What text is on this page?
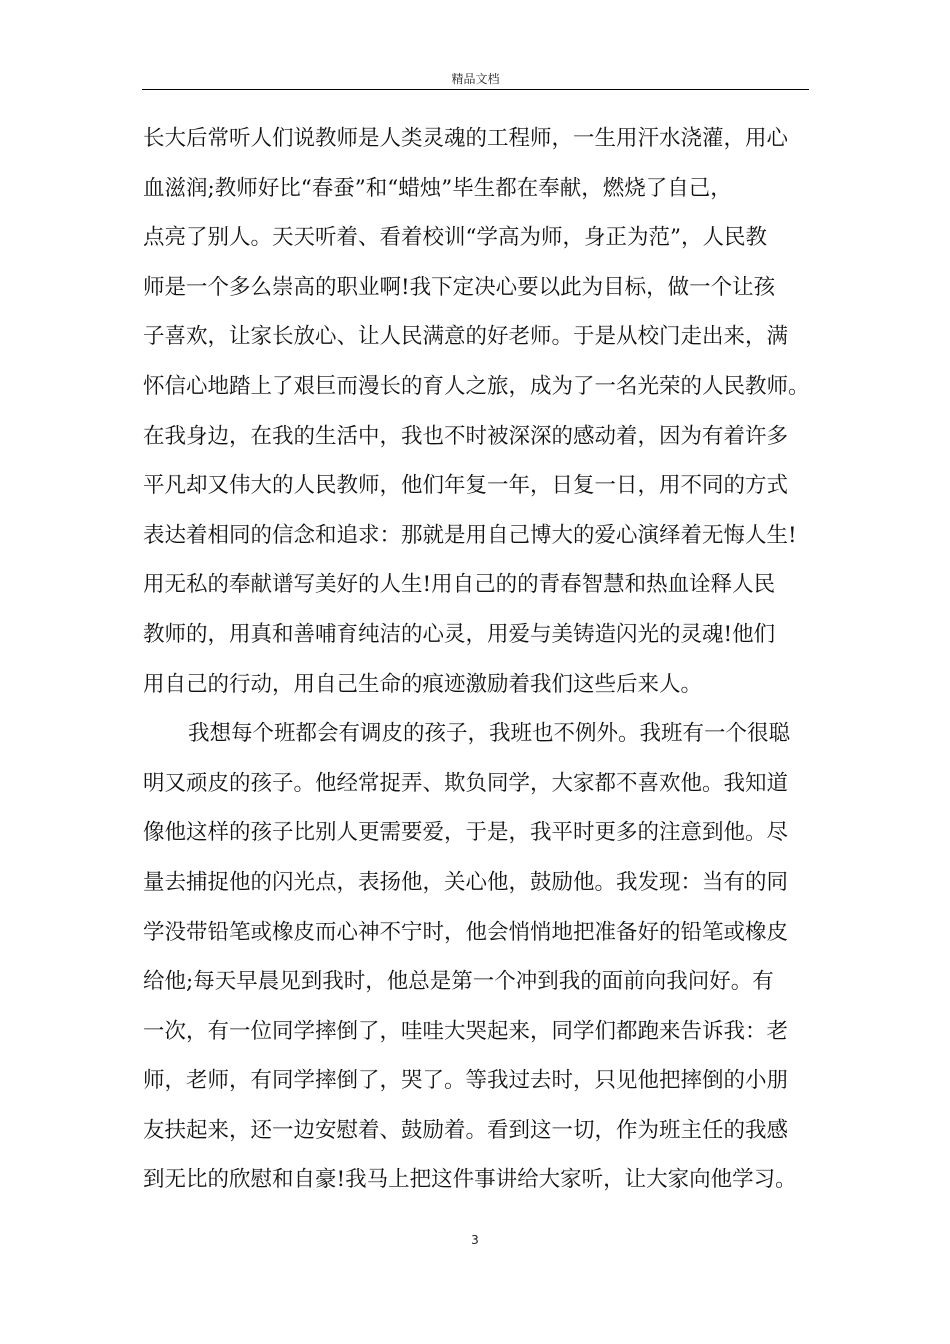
精品文档
长大后常听人们说教师是人类灵魂的工程师，一生用汗水浇灌，用心
血滋润;教师好比“春蚕”和“蜡烛”毕生都在奉献，燃烧了自己，
点亮了别人。天天听着、看着校训“学高为师，身正为范”，人民教
师是一个多么崇高的职业啊!我下定决心要以此为目标，做一个让孩
子喜欢，让家长放心、让人民满意的好老师。于是从校门走出来，满
怀信心地踏上了艰巨而漫长的育人之旅，成为了一名光荣的人民教师。
在我身边，在我的生活中，我也不时被深深的感动着，因为有着许多
平凡却又伟大的人民教师，他们年复一年，日复一日，用不同的方式
表达着相同的信念和追求：那就是用自己博大的爱心演绎着无悔人生!
用无私的奉献谱写美好的人生!用自己的的青春智慧和热血诠释人民
教师的，用真和善哺育纯洁的心灵，用爱与美铸造闪光的灵魂!他们
用自己的行动，用自己生命的痕迹激励着我们这些后来人。
我想每个班都会有调皮的孩子，我班也不例外。我班有一个很聪
明又顽皮的孩子。他经常捉弄、欺负同学，大家都不喜欢他。我知道
像他这样的孩子比别人更需要爱，于是，我平时更多的注意到他。尽
量去捕捉他的闪光点，表扬他，关心他，鼓励他。我发现：当有的同
学没带铅笔或橡皮而心神不宁时，他会悄悄地把准备好的铅笔或橡皮
给他;每天早晨见到我时，他总是第一个冲到我的面前向我问好。有
一次，有一位同学摔倒了，哇哇大哭起来，同学们都跑来告诉我：老
师，老师，有同学摔倒了，哭了。等我过去时，只见他把摔倒的小朋
友扶起来，还一边安慰着、鼓励着。看到这一切，作为班主任的我感
到无比的欣慰和自豪!我马上把这件事讲给大家听，让大家向他学习。
3
